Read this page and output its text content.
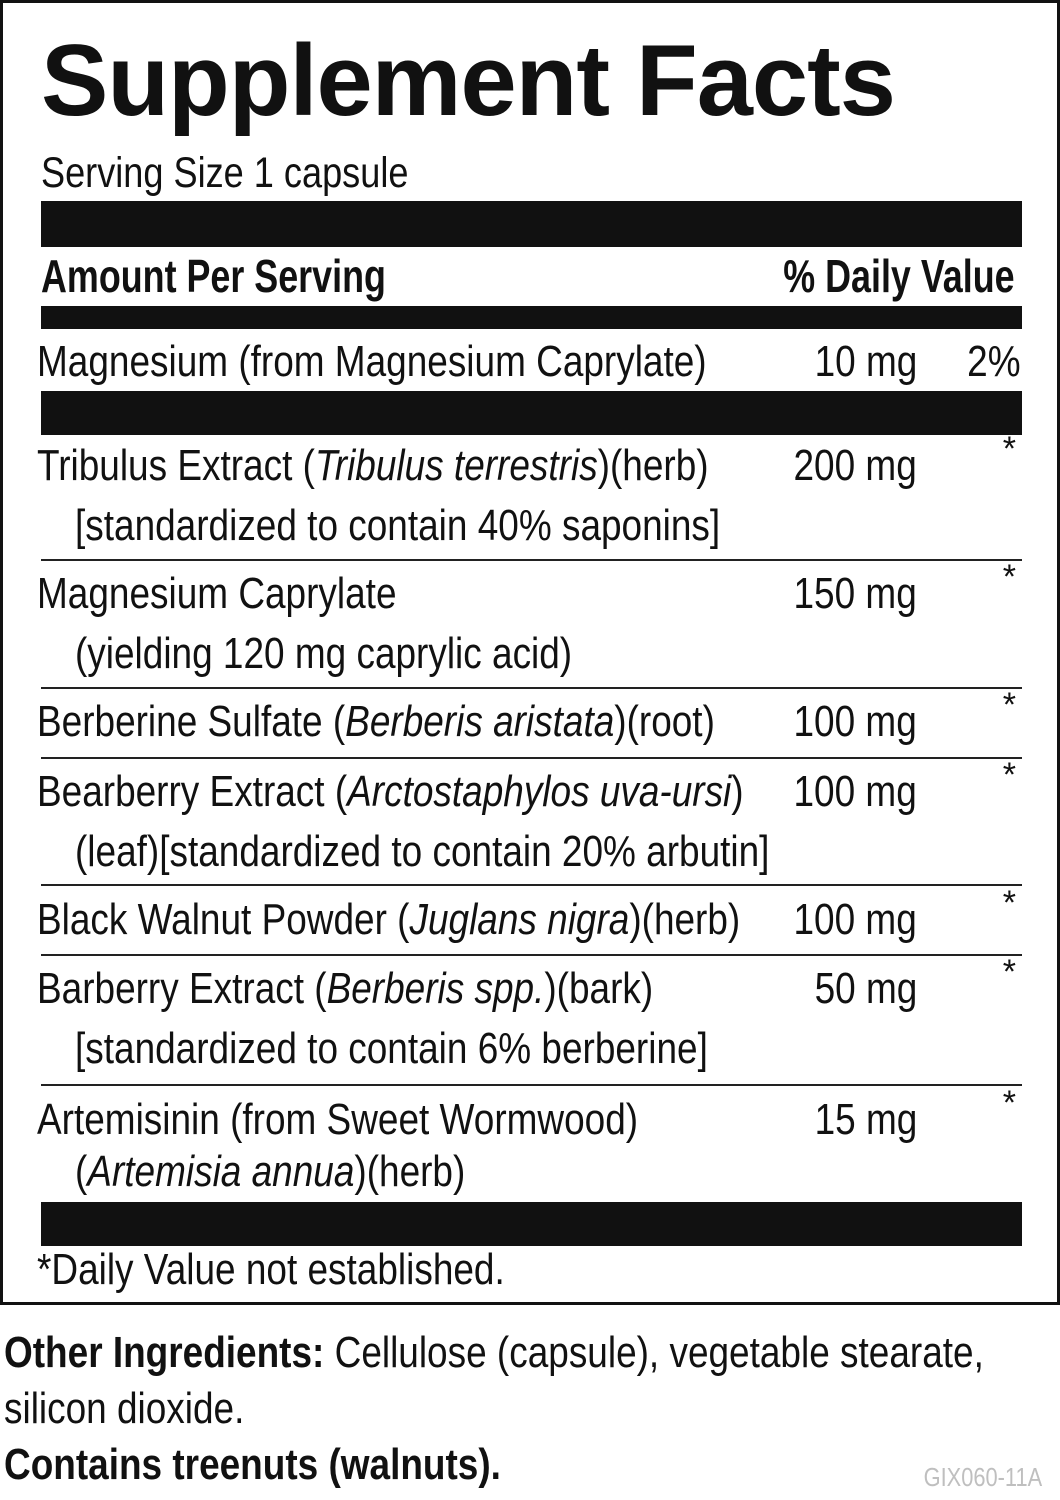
Supplement Facts
Serving Size 1 capsule
Amount Per Serving	% Daily Value
Magnesium (from Magnesium Caprylate) 10 mg 2%
Tribulus Extract (Tribulus terrestris)(herb)
[standardized to contain 40% saponins]
200 mg	*
Magnesium Caprylate
(yielding 120 mg caprylic acid)
150 mg	*
Berberine Sulfate (Berberis aristata)(root) 100 mg	*
Bearberry Extract (Arctostaphylos uva-ursi)
(leaf)[standardized to contain 20% arbutin]
100 mg	*
Black Walnut Powder (Juglans nigra)(herb) 100 mg	*
Barberry Extract (Berberis spp.)(bark)
[standardized to contain 6% berberine]
50 mg	*
Artemisinin (from Sweet Wormwood)
(Artemisia annua)(herb)
15 mg	*
*Daily Value not established.
Other Ingredients: Cellulose (capsule), vegetable stearate,
silicon dioxide.
Contains treenuts (walnuts).	GIX060-11A
